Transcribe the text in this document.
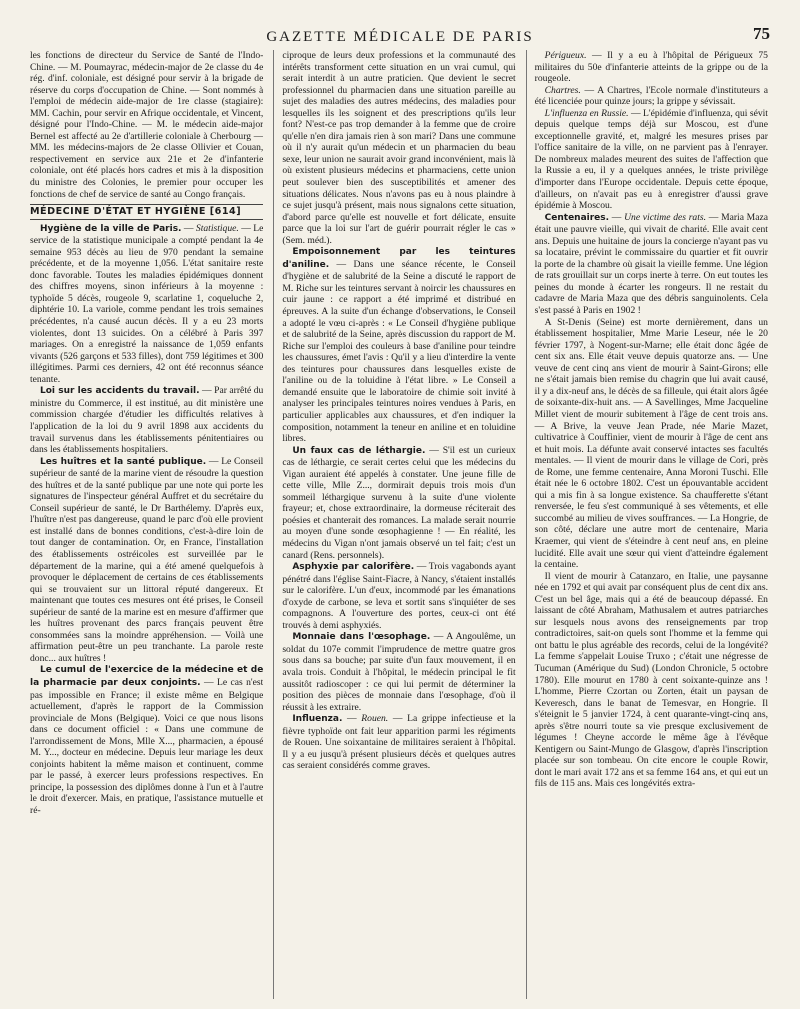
GAZETTE MÉDICALE DE PARIS	75

les fonctions de directeur du Service de Santé de l'Indo-Chine. — M. Poumayrac, médecin-major de 2e classe du 4e rég. d'inf. coloniale, est désigné pour servir à la brigade de réserve du corps d'occupation de Chine. — Sont nommés à l'emploi de médecin aide-major de 1re classe (stagiaire): MM. Cachin, pour servir en Afrique occidentale, et Vincent, désigné pour l'Indo-Chine. — M. le médecin aide-major Bernel est affecté au 2e d'artillerie coloniale à Cherbourg — MM. les médecins-majors de 2e classe Ollivier et Couan, respectivement en service aux 21e et 2e d'infanterie coloniale, ont été placés hors cadres et mis à la disposition du ministre des Colonies, le premier pour occuper les fonctions de chef de service de santé au Congo français.

MÉDECINE D'ÉTAT ET HYGIÈNE [614]

Hygiène de la ville de Paris. — Statistique. — Le service de la statistique municipale a compté pendant la 4e semaine 953 décès au lieu de 970 pendant la semaine précédente, et de la moyenne 1,056. L'état sanitaire reste donc favorable. Toutes les maladies épidémiques donnent des chiffres moyens, sinon inférieurs à la moyenne : typhoïde 5 décès, rougeole 9, scarlatine 1, coqueluche 2, diphtérie 10. La variole, comme pendant les trois semaines précédentes, n'a causé aucun décès. Il y a eu 23 morts violentes, dont 13 suicides. On a célébré à Paris 397 mariages. On a enregistré la naissance de 1,059 enfants vivants (526 garçons et 533 filles), dont 759 légitimes et 300 illégitimes. Parmi ces derniers, 42 ont été reconnus séance tenante.

Loi sur les accidents du travail. — Par arrêté du ministre du Commerce, il est institué, au dit ministère une commission chargée d'étudier les difficultés relatives à l'application de la loi du 9 avril 1898 aux accidents du travail survenus dans les établissements pénitentiaires ou dans les établissements hospitaliers.

Les huîtres et la santé publique. — Le Conseil supérieur de santé de la marine vient de résoudre la question des huîtres et de la santé publique par une note qui porte les signatures de l'inspecteur général Auffret et du secrétaire du Conseil supérieur de santé, le Dr Barthélemy. D'après eux, l'huître n'est pas dangereuse, quand le parc d'où elle provient est installé dans de bonnes conditions, c'est-à-dire loin de tout danger de contamination. Or, en France, l'installation des établissements ostréicoles est surveillée par le département de la marine, qui a été amené quelquefois à provoquer le déplacement de certains de ces établissements qui se trouvaient sur un littoral réputé dangereux. Et maintenant que toutes ces mesures ont été prises, le Conseil supérieur de santé de la marine est en mesure d'affirmer que les huîtres provenant des parcs français peuvent être consommées sans la moindre appréhension. — Voilà une affirmation peut-être un peu tranchante. La parole reste donc... aux huîtres !

Le cumul de l'exercice de la médecine et de la pharmacie par deux conjoints. — Le cas n'est pas impossible en France; il existe même en Belgique actuellement, d'après le rapport de la Commission provinciale de Mons (Belgique). Voici ce que nous lisons dans ce document officiel : « Dans une commune de l'arrondissement de Mons, Mlle X..., pharmacien, a épousé M. Y..., docteur en médecine. Depuis leur mariage les deux conjoints habitent la même maison et continuent, comme par le passé, à exercer leurs professions respectives. En principe, la possession des diplômes donne à l'un et à l'autre le droit d'exercer. Mais, en pratique, l'assistance mutuelle et ré-

ciproque de leurs deux professions et la communauté des intérêts transforment cette situation en un vrai cumul, qui serait interdit à un autre praticien. Que devient le secret professionnel du pharmacien dans une situation pareille au sujet des maladies des autres médecins, des maladies pour lesquelles ils les soignent et des prescriptions qu'ils leur font? N'est-ce pas trop demander à la femme que de croire qu'elle n'en dira jamais rien à son mari? Dans une commune où il n'y aurait qu'un médecin et un pharmacien du beau sexe, leur union ne saurait avoir grand inconvénient, mais là où existent plusieurs médecins et pharmaciens, cette union peut soulever bien des susceptibilités et amener des situations délicates. Nous n'avons pas eu à nous plaindre à ce sujet jusqu'à présent, mais nous signalons cette situation, d'abord parce qu'elle est nouvelle et fort délicate, ensuite parce que la loi sur l'art de guérir pourrait régler le cas » (Sem. méd.).

Empoisonnement par les teintures d'aniline. — Dans une séance récente, le Conseil d'hygiène et de salubrité de la Seine a discuté le rapport de M. Riche sur les teintures servant à noircir les chaussures en cuir jaune : ce rapport a été imprimé et distribué en épreuves. A la suite d'un échange d'observations, le Conseil a adopté le vœu ci-après : « Le Conseil d'hygiène publique et de salubrité de la Seine, après discussion du rapport de M. Riche sur l'emploi des couleurs à base d'aniline pour teindre les chaussures, émet l'avis : Qu'il y a lieu d'interdire la vente des teintures pour chaussures dans lesquelles existe de l'aniline ou de la toluidine à l'état libre. » Le Conseil a demandé ensuite que le laboratoire de chimie soit invité à analyser les principales teintures noires vendues à Paris, en particulier applicables aux chaussures, et d'en indiquer la composition, notamment la teneur en aniline et en toluidine libres.

Un faux cas de léthargie. — S'il est un curieux cas de léthargie, ce serait certes celui que les médecins du Vigan auraient été appelés à constater. Une jeune fille de cette ville, Mlle Z..., dormirait depuis trois mois d'un sommeil léthargique survenu à la suite d'une violente frayeur; et, chose extraordinaire, la dormeuse réciterait des poésies et chanterait des romances. La malade serait nourrie au moyen d'une sonde œsophagienne ! — En réalité, les médecins du Vigan n'ont jamais observé un tel fait; c'est un canard (Rens. personnels).

Asphyxie par calorifère. — Trois vagabonds ayant pénétré dans l'église Saint-Fiacre, à Nancy, s'étaient installés sur le calorifère. L'un d'eux, incommodé par les émanations d'oxyde de carbone, se leva et sortit sans s'inquiéter de ses compagnons. A l'ouverture des portes, ceux-ci ont été trouvés à demi asphyxiés.

Monnaie dans l'œsophage. — A Angoulême, un soldat du 107e commit l'imprudence de mettre quatre gros sous dans sa bouche; par suite d'un faux mouvement, il en avala trois. Conduit à l'hôpital, le médecin principal le fit aussitôt radioscoper : ce qui lui permit de déterminer la position des pièces de monnaie dans l'œsophage, d'où il réussit à les extraire.

Influenza. — Rouen. — La grippe infectieuse et la fièvre typhoïde ont fait leur apparition parmi les régiments de Rouen. Une soixantaine de militaires seraient à l'hôpital. Il y a eu jusqu'à présent plusieurs décès et quelques autres cas seraient considérés comme graves.

Périgueux. — Il y a eu à l'hôpital de Périgueux 75 militaires du 50e d'infanterie atteints de la grippe ou de la rougeole.

Chartres. — A Chartres, l'Ecole normale d'instituteurs a été licenciée pour quinze jours; la grippe y sévissait.

L'influenza en Russie. — L'épidémie d'influenza, qui sévit depuis quelque temps déjà sur Moscou, est d'une exceptionnelle gravité, et, malgré les mesures prises par l'office sanitaire de la ville, on ne parvient pas à l'enrayer. De nombreux malades meurent des suites de l'affection que la Russie a eu, il y a quelques années, le triste privilège d'importer dans l'Europe occidentale. Depuis cette époque, d'ailleurs, on n'avait pas eu à enregistrer d'aussi grave épidémie à Moscou.

Centenaires. — Une victime des rats. — Maria Maza était une pauvre vieille, qui vivait de charité. Elle avait cent ans. Depuis une huitaine de jours la concierge n'ayant pas vu sa locataire, prévint le commissaire du quartier et fit ouvrir la porte de la chambre où gisait la vieille femme. Une légion de rats grouillait sur un corps inerte à terre. On eut toutes les peines du monde à écarter les rongeurs. Il ne restait du cadavre de Maria Maza que des débris sanguinolents. Cela s'est passé à Paris en 1902 !

A St-Denis (Seine) est morte dernièrement, dans un établissement hospitalier, Mme Marie Leseur, née le 20 février 1797, à Nogent-sur-Marne; elle était donc âgée de cent six ans. Elle était veuve depuis quatorze ans. — Une veuve de cent cinq ans vient de mourir à Saint-Girons; elle ne s'était jamais bien remise du chagrin que lui avait causé, il y a dix-neuf ans, le décès de sa filleule, qui était alors âgée de soixante-dix-huit ans. — A Savellinges, Mme Jacqueline Millet vient de mourir subitement à l'âge de cent trois ans. — A Brive, la veuve Jean Prade, née Marie Mazet, cultivatrice à Couffinier, vient de mourir à l'âge de cent ans et huit mois. La défunte avait conservé intactes ses facultés mentales. — Il vient de mourir dans le village de Cori, près de Rome, une femme centenaire, Anna Moroni Tuschi. Elle était née le 6 octobre 1802. C'est un épouvantable accident qui a mis fin à sa longue existence. Sa chaufferette s'étant renversée, le feu s'est communiqué à ses vêtements, et elle succombé au milieu de vives souffrances. — La Hongrie, de son côté, déclare une autre mort de centenaire, Maria Kraemer, qui vient de s'éteindre à cent neuf ans, en pleine lucidité. Elle avait une sœur qui vient d'atteindre également la centaine.

Il vient de mourir à Catanzaro, en Italie, une paysanne née en 1792 et qui avait par conséquent plus de cent dix ans. C'est un bel âge, mais qui a été de beaucoup dépassé. En laissant de côté Abraham, Mathusalem et autres patriarches sur lesquels nous avons des renseignements par trop contradictoires, sait-on quels sont l'homme et la femme qui ont battu le plus agréable des records, celui de la longévité? La femme s'appelait Louise Truxo ; c'était une négresse de Tucuman (Amérique du Sud) (London Chronicle, 5 octobre 1780). Elle mourut en 1780 à cent soixante-quinze ans ! L'homme, Pierre Czortan ou Zorten, était un paysan de Keveresch, dans le banat de Temesvar, en Hongrie. Il s'éteignit le 5 janvier 1724, à cent quarante-vingt-cinq ans, après s'être nourri toute sa vie presque exclusivement de légumes ! Cheyne accorde le même âge à l'évêque Kentigern ou Saint-Mungo de Glasgow, d'après l'inscription placée sur son tombeau. On cite encore le couple Rowir, dont le mari avait 172 ans et sa femme 164 ans, et qui eut un fils de 115 ans. Mais ces longévités extra-
